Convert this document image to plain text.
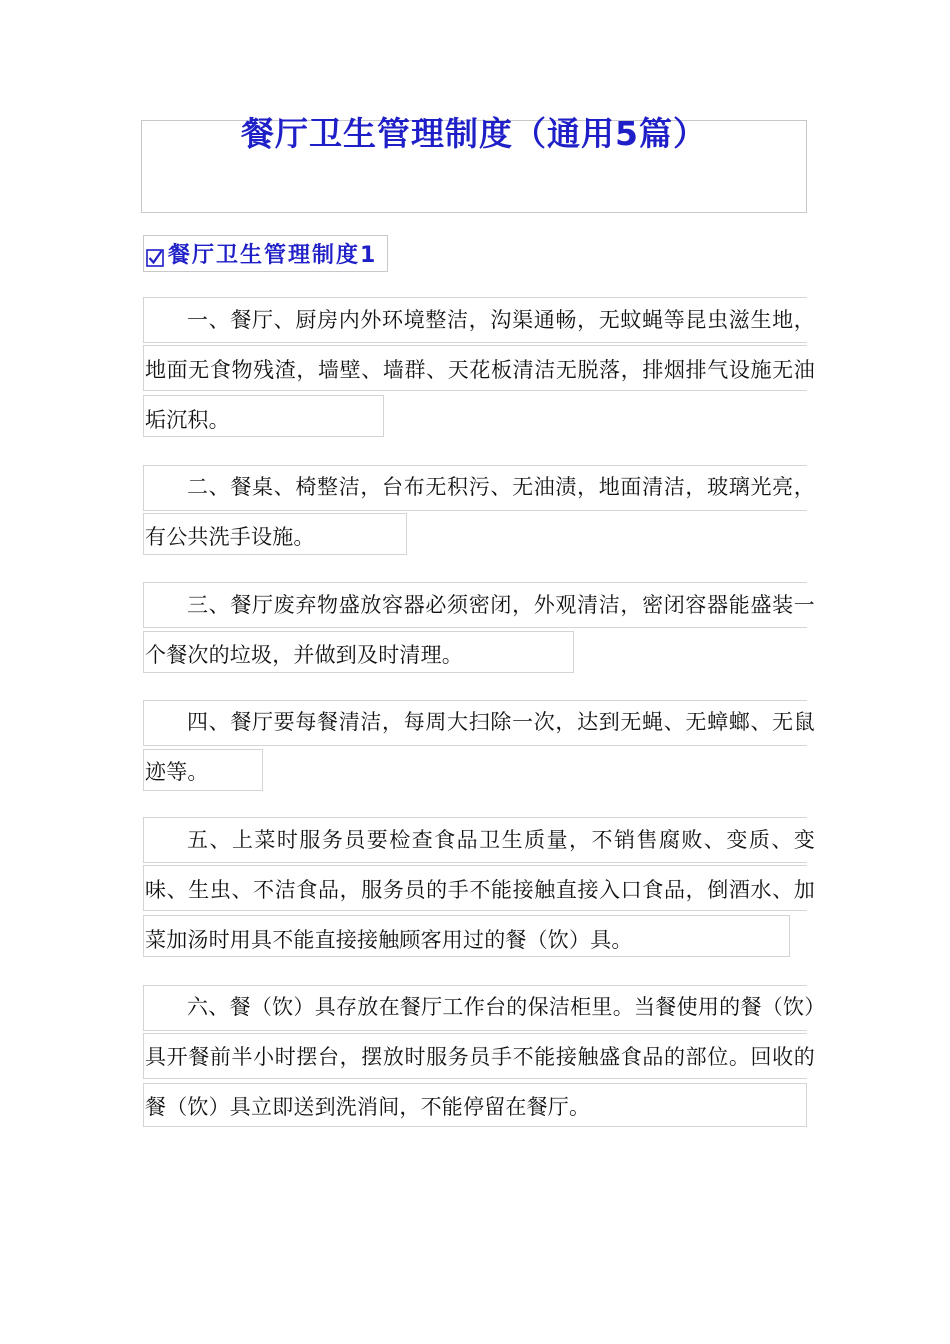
餐厅卫生管理制度（通用5篇）
餐厅卫生管理制度1

一、餐厅、厨房内外环境整洁，沟渠通畅，无蚊蝇等昆虫滋生地，地面无食物残渣，墙壁、墙群、天花板清洁无脱落，排烟排气设施无油垢沉积。

二、餐桌、椅整洁，台布无积污、无油渍，地面清洁，玻璃光亮，有公共洗手设施。

三、餐厅废弃物盛放容器必须密闭，外观清洁，密闭容器能盛装一个餐次的垃圾，并做到及时清理。

四、餐厅要每餐清洁，每周大扫除一次，达到无蝇、无蟑螂、无鼠迹等。

五、上菜时服务员要检查食品卫生质量，不销售腐败、变质、变味、生虫、不洁食品，服务员的手不能接触直接入口食品，倒酒水、加菜加汤时用具不能直接接触顾客用过的餐（饮）具。

六、餐（饮）具存放在餐厅工作台的保洁柜里。当餐使用的餐（饮）具开餐前半小时摆台，摆放时服务员手不能接触盛食品的部位。回收的餐（饮）具立即送到洗消间，不能停留在餐厅。
